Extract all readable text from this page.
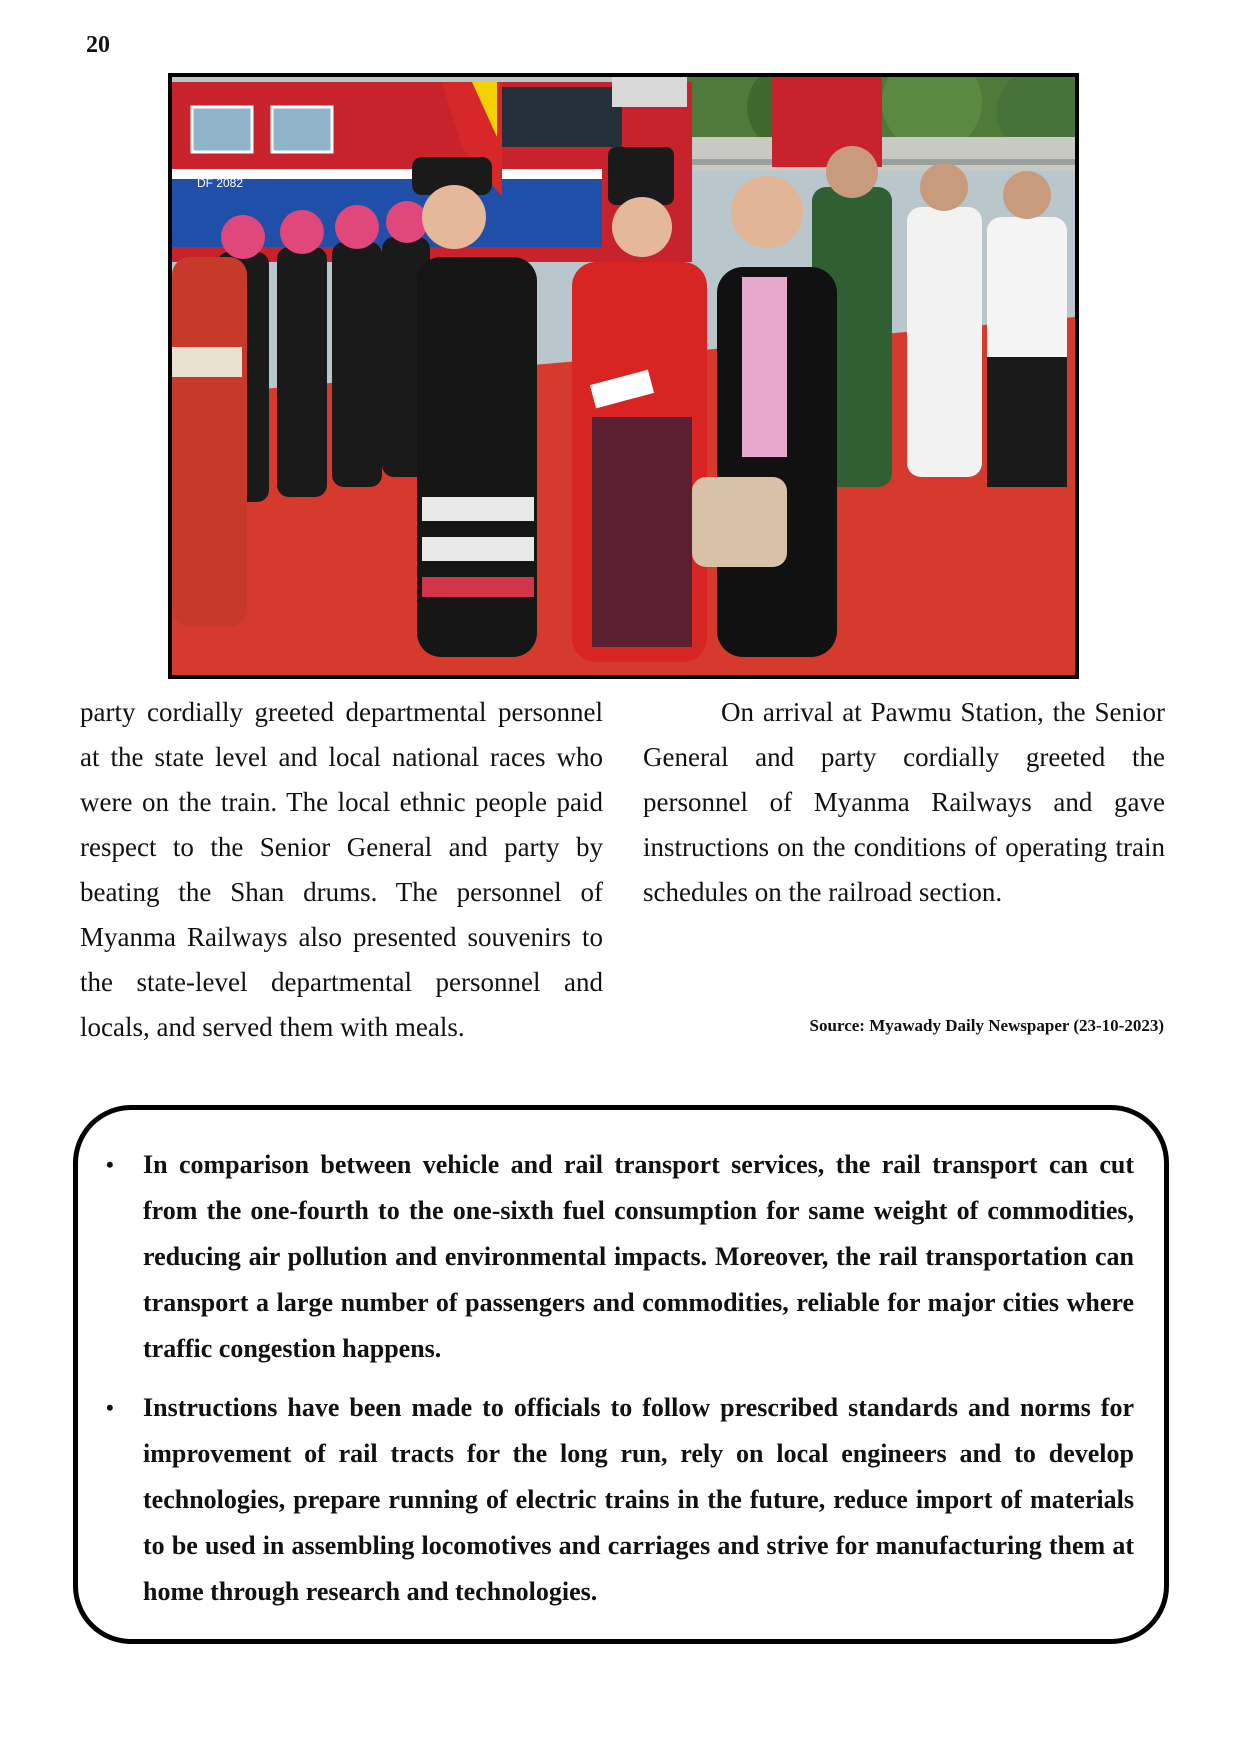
20
DF 2082

party cordially greeted departmental personnel at the state level and local national races who were on the train. The local ethnic people paid respect to the Senior General and party by beating the Shan drums. The personnel of Myanma Railways also presented souvenirs to the state-level departmental personnel and locals, and served them with meals.

On arrival at Pawmu Station, the Senior General and party cordially greeted the personnel of Myanma Railways and gave instructions on the conditions of operating train schedules on the railroad section.

Source: Myawady Daily Newspaper (23-10-2023)
• In comparison between vehicle and rail transport services, the rail transport can cut from the one-fourth to the one-sixth fuel consumption for same weight of commodities, reducing air pollution and environmental impacts. Moreover, the rail transportation can transport a large number of passengers and commodities, reliable for major cities where traffic congestion happens.
• Instructions have been made to officials to follow prescribed standards and norms for improvement of rail tracts for the long run, rely on local engineers and to develop technologies, prepare running of electric trains in the future, reduce import of materials to be used in assembling locomotives and carriages and strive for manufacturing them at home through research and technologies.
